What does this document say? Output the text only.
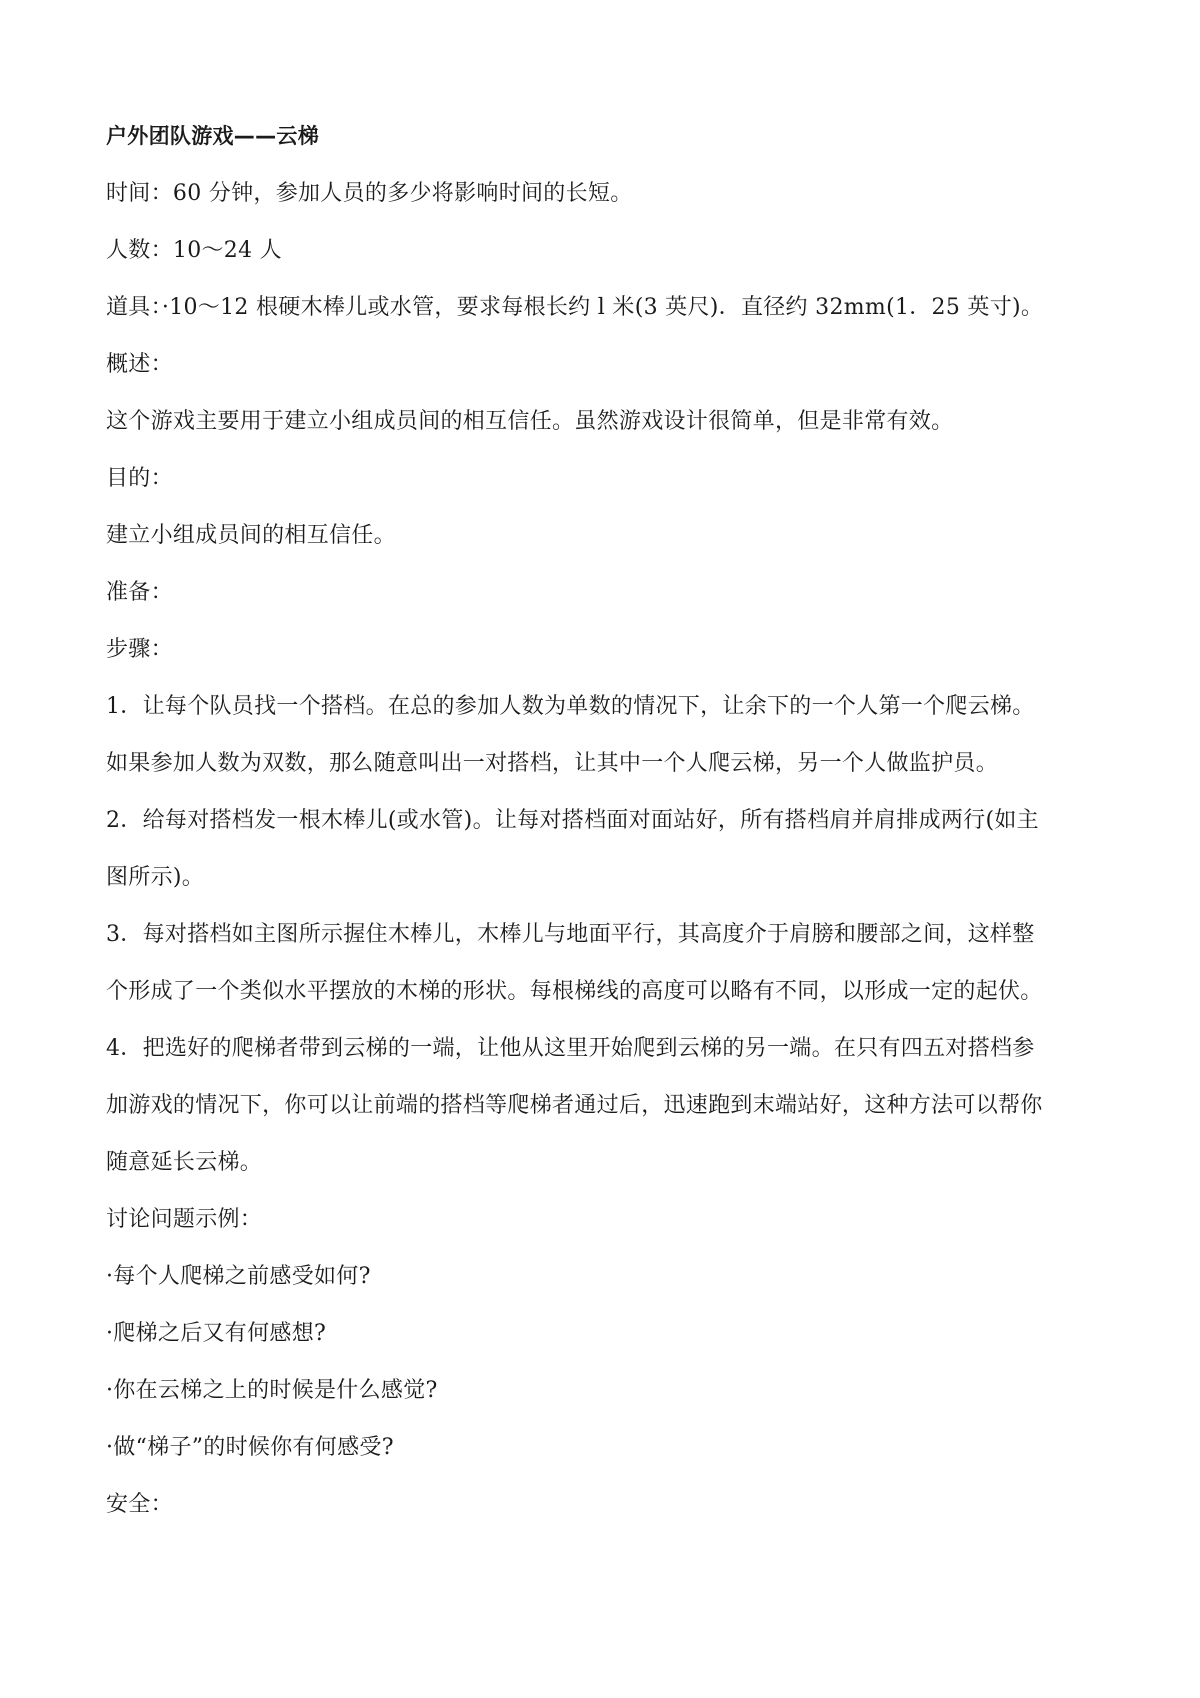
户外团队游戏——云梯
时间：60 分钟，参加人员的多少将影响时间的长短。
人数：10～24 人
道具：·10～12 根硬木棒儿或水管，要求每根长约 l 米(3 英尺)．直径约 32mm(1．25 英寸)。
概述：
这个游戏主要用于建立小组成员间的相互信任。虽然游戏设计很简单，但是非常有效。
目的：
建立小组成员间的相互信任。
准备：
步骤：
1．让每个队员找一个搭档。在总的参加人数为单数的情况下，让余下的一个人第一个爬云梯。
如果参加人数为双数，那么随意叫出一对搭档，让其中一个人爬云梯，另一个人做监护员。
2．给每对搭档发一根木棒儿(或水管)。让每对搭档面对面站好，所有搭档肩并肩排成两行(如主
图所示)。
3．每对搭档如主图所示握住木棒儿，木棒儿与地面平行，其高度介于肩膀和腰部之间，这样整
个形成了一个类似水平摆放的木梯的形状。每根梯线的高度可以略有不同，以形成一定的起伏。
4．把选好的爬梯者带到云梯的一端，让他从这里开始爬到云梯的另一端。在只有四五对搭档参
加游戏的情况下，你可以让前端的搭档等爬梯者通过后，迅速跑到末端站好，这种方法可以帮你
随意延长云梯。
讨论问题示例：
·每个人爬梯之前感受如何?
·爬梯之后又有何感想?
·你在云梯之上的时候是什么感觉?
·做“梯子”的时候你有何感受?
安全：
